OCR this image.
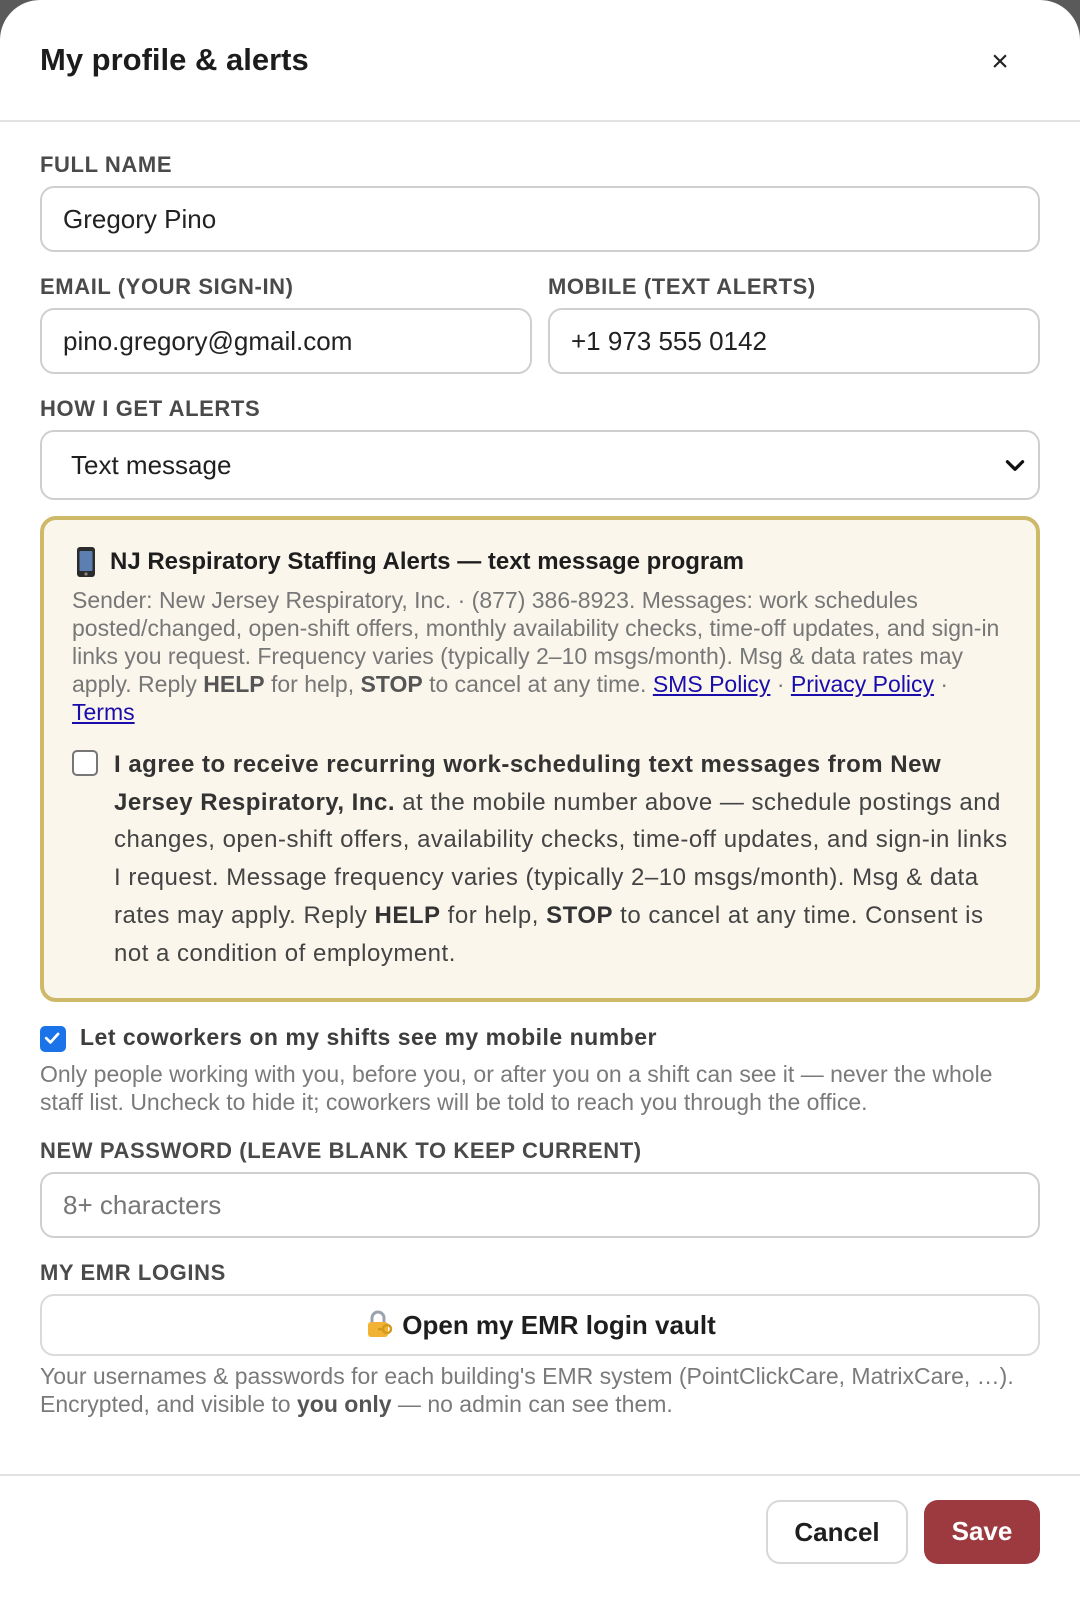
My profile & alerts	×
FULL NAME
Gregory Pino
EMAIL (YOUR SIGN-IN)
pino.gregory@gmail.com
MOBILE (TEXT ALERTS)
+1 973 555 0142
HOW I GET ALERTS
Text message
NJ Respiratory Staffing Alerts — text message program
Sender: New Jersey Respiratory, Inc. · (877) 386-8923. Messages: work schedules posted/changed, open-shift offers, monthly availability checks, time-off updates, and sign-in links you request. Frequency varies (typically 2–10 msgs/month). Msg & data rates may apply. Reply HELP for help, STOP to cancel at any time. SMS Policy · Privacy Policy · Terms
I agree to receive recurring work-scheduling text messages from New Jersey Respiratory, Inc. at the mobile number above — schedule postings and changes, open-shift offers, availability checks, time-off updates, and sign-in links I request. Message frequency varies (typically 2–10 msgs/month). Msg & data rates may apply. Reply HELP for help, STOP to cancel at any time. Consent is not a condition of employment.
Let coworkers on my shifts see my mobile number
Only people working with you, before you, or after you on a shift can see it — never the whole staff list. Uncheck to hide it; coworkers will be told to reach you through the office.
NEW PASSWORD (LEAVE BLANK TO KEEP CURRENT)
8+ characters
MY EMR LOGINS
Open my EMR login vault
Your usernames & passwords for each building's EMR system (PointClickCare, MatrixCare, …). Encrypted, and visible to you only — no admin can see them.
Cancel	Save
